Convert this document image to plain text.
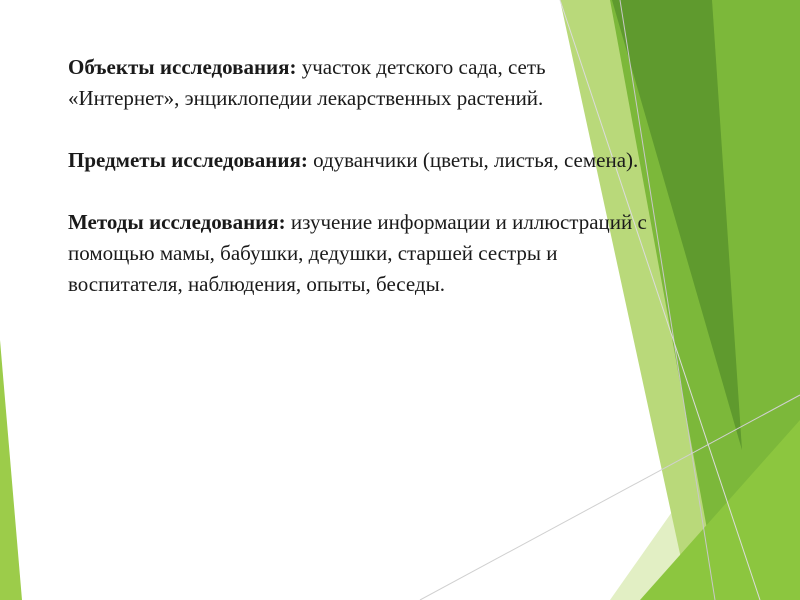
Объекты исследования: участок детского сада, сеть «Интернет», энциклопедии лекарственных растений.

Предметы исследования: одуванчики (цветы, листья, семена).

Методы исследования: изучение информации и иллюстраций с помощью мамы, бабушки, дедушки, старшей сестры и воспитателя, наблюдения, опыты, беседы.
